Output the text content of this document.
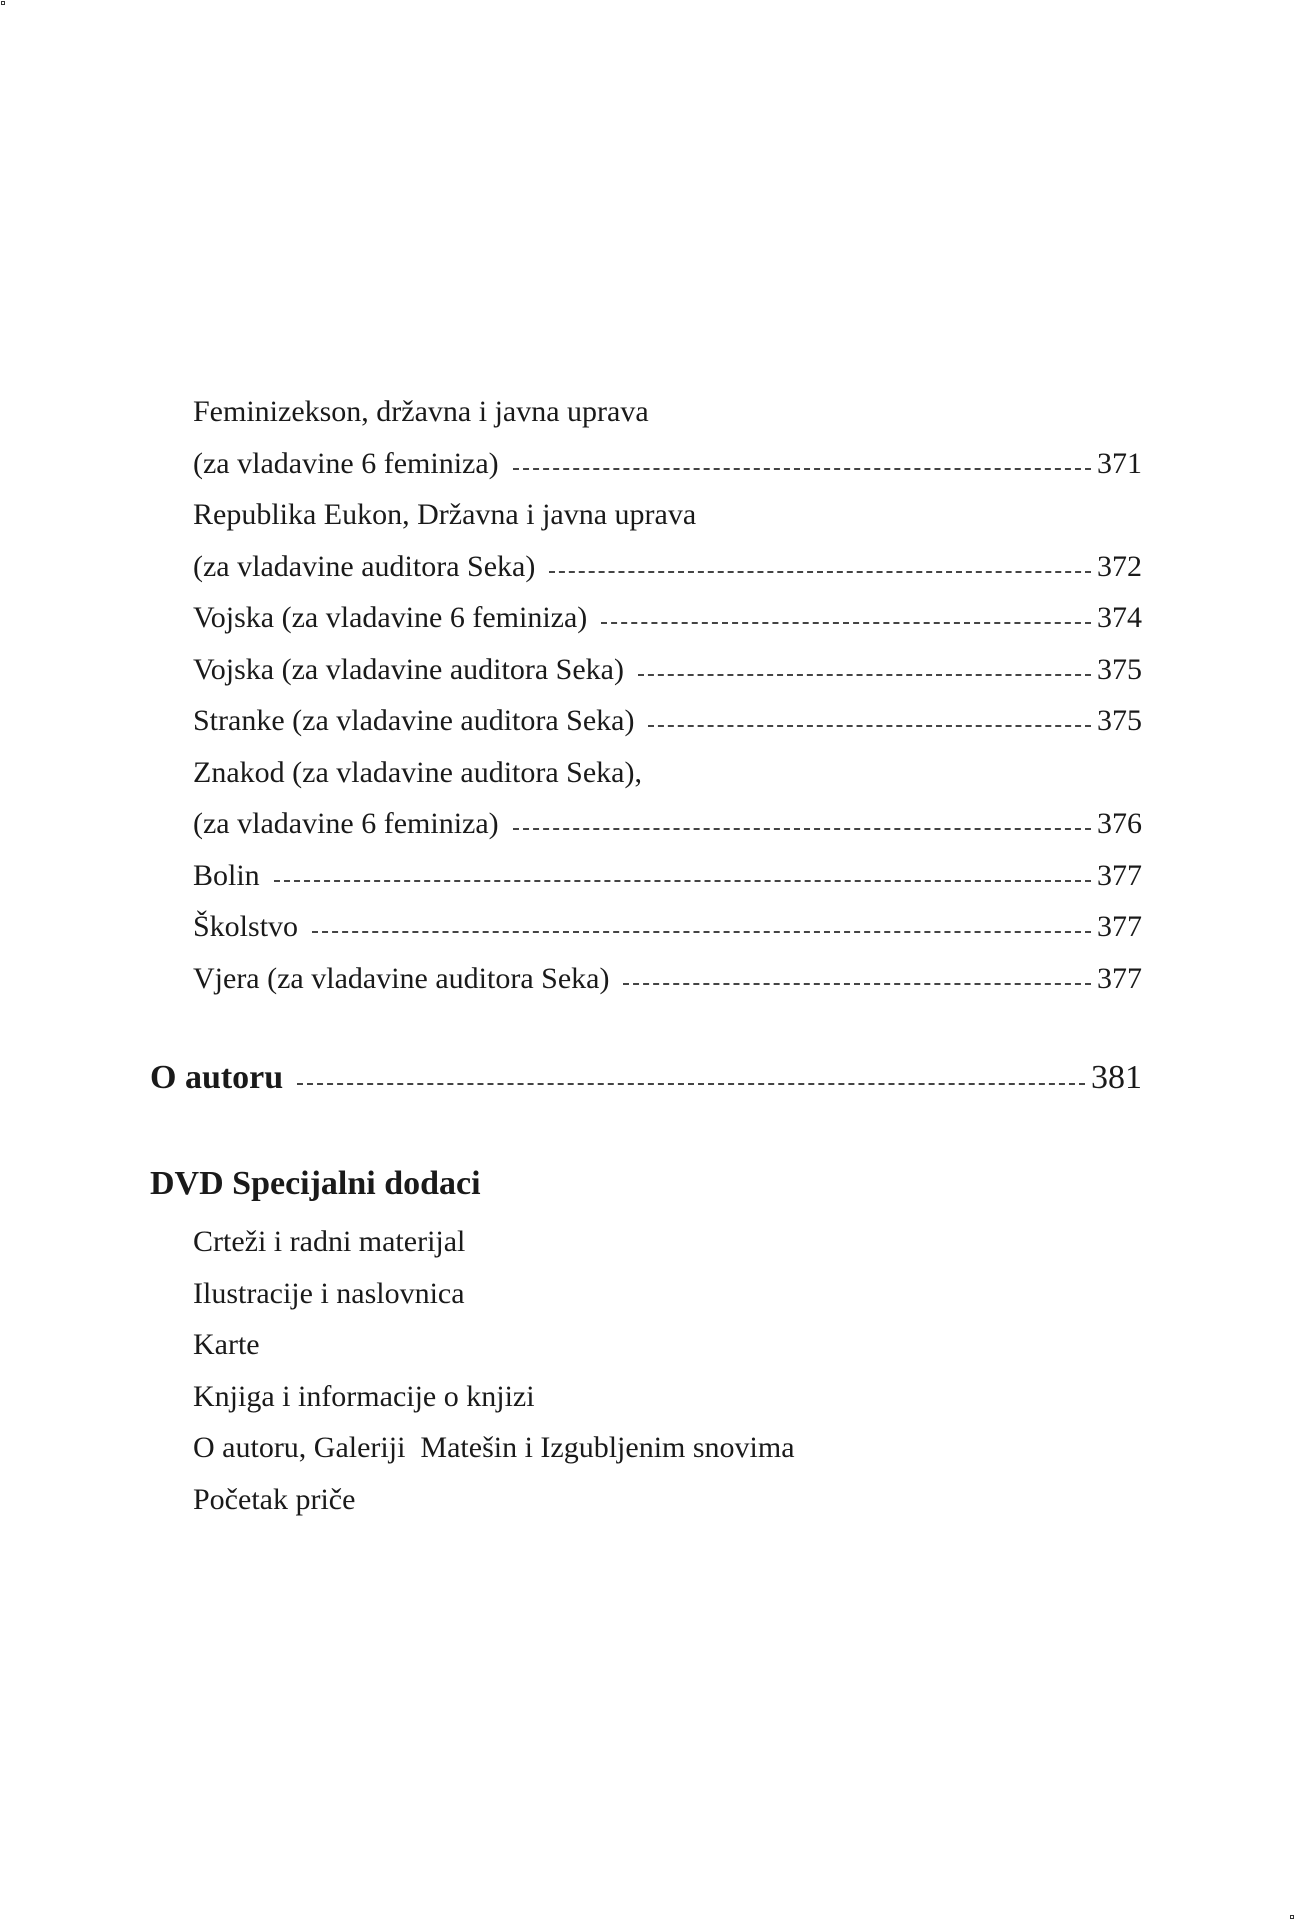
Feminizekson, državna i javna uprava
(za vladavine 6 feminiza)	371
Republika Eukon, Državna i javna uprava
(za vladavine auditora Seka)	372
Vojska (za vladavine 6 feminiza)	374
Vojska (za vladavine auditora Seka)	375
Stranke (za vladavine auditora Seka)	375
Znakod (za vladavine auditora Seka),
(za vladavine 6 feminiza)	376
Bolin	377
Školstvo	377
Vjera (za vladavine auditora Seka)	377
O autoru	381
DVD Specijalni dodaci
Crteži i radni materijal
Ilustracije i naslovnica
Karte
Knjiga i informacije o knjizi
O autoru, Galeriji  Matešin i Izgubljenim snovima
Početak priče
